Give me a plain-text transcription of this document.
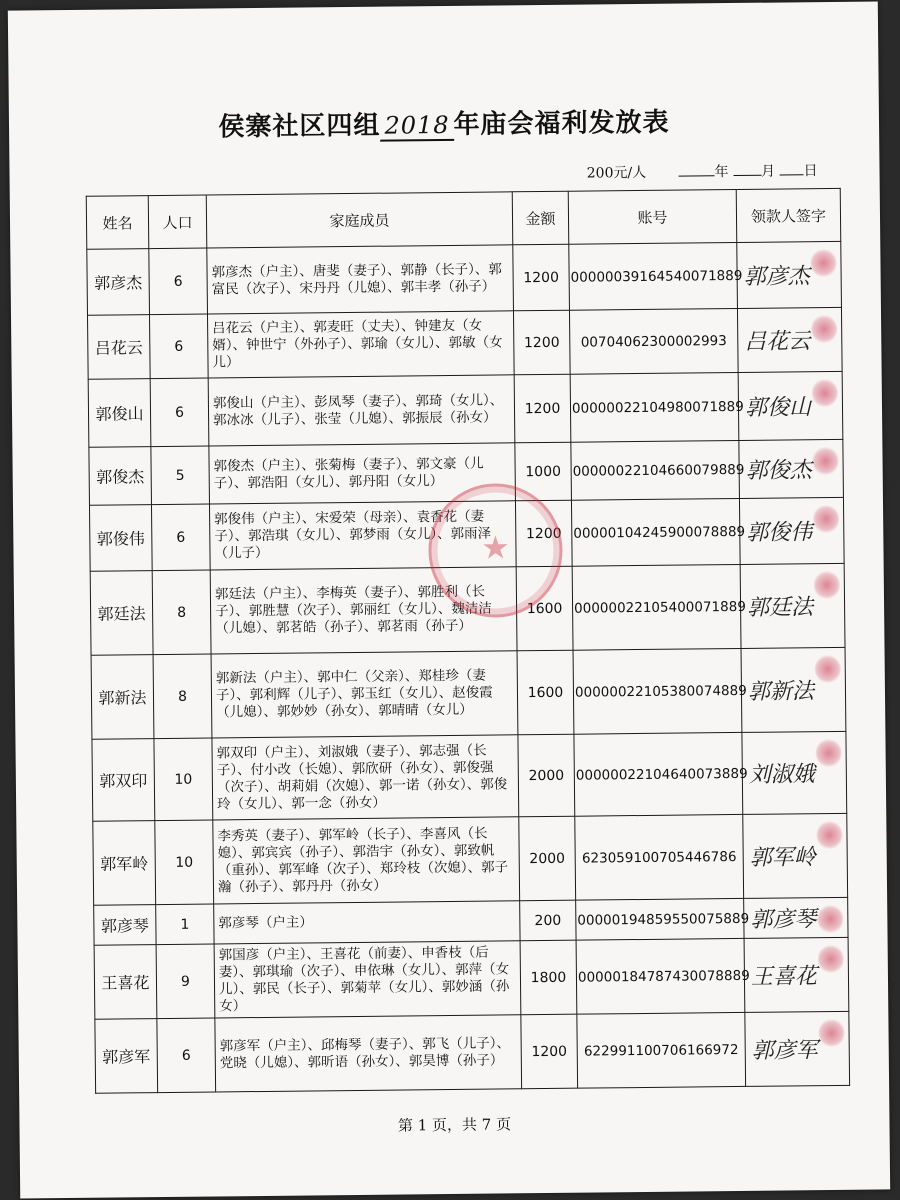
侯寨社区四组 2018 年庙会福利发放表
200元/人	年 月 日
姓名	人口	家庭成员	金额	账号	领款人签字
郭彦杰	6	郭彦杰（户主）、唐斐（妻子）、郭静（长子）、郭富民（次子）、宋丹丹（儿媳）、郭丰孝（孙子）	1200	00000039164540071889	郭彦杰

吕花云	6	吕花云（户主）、郭麦旺（丈夫）、钟建友（女婿）、钟世宁（外孙子）、郭瑜（女儿）、郭敏（女儿）	1200	00704062300002993	吕花云

郭俊山	6	郭俊山（户主）、彭凤琴（妻子）、郭琦（女儿）、郭冰冰（儿子）、张莹（儿媳）、郭振辰（孙女）	1200	00000022104980071889	郭俊山

郭俊杰	5	郭俊杰（户主）、张菊梅（妻子）、郭文豪（儿子）、郭浩阳（女儿）、郭丹阳（女儿）	1000	00000022104660079889	郭俊杰

郭俊伟	6	郭俊伟（户主）、宋爱荣（母亲）、袁香花（妻子）、郭浩琪（女儿）、郭梦雨（女儿）、郭雨泽（儿子）	1200	00000104245900078889	郭俊伟

郭廷法	8	郭廷法（户主）、李梅英（妻子）、郭胜利（长子）、郭胜慧（次子）、郭丽红（女儿）、魏洁洁（儿媳）、郭茗皓（孙子）、郭茗雨（孙子）	1600	00000022105400071889	郭廷法

郭新法	8	郭新法（户主）、郭中仁（父亲）、郑桂珍（妻子）、郭利辉（儿子）、郭玉红（女儿）、赵俊霞（儿媳）、郭妙妙（孙女）、郭晴晴（女儿）	1600	00000022105380074889	郭新法

郭双印	10	郭双印（户主）、刘淑娥（妻子）、郭志强（长子）、付小改（长媳）、郭欣研（孙女）、郭俊强（次子）、胡莉娟（次媳）、郭一诺（孙女）、郭俊玲（女儿）、郭一念（孙女）	2000	00000022104640073889	刘淑娥

郭军岭	10	李秀英（妻子）、郭军岭（长子）、李喜风（长媳）、郭宾宾（孙子）、郭浩宇（孙女）、郭致帆（重孙）、郭军峰（次子）、郑玲枝（次媳）、郭子瀚（孙子）、郭丹丹（孙女）	2000	623059100705446786	郭军岭

郭彦琴	1	郭彦琴（户主）	200	00000194859550075889	郭彦琴

王喜花	9	郭国彦（户主）、王喜花（前妻）、申香枝（后妻）、郭琪瑜（次子）、申依琳（女儿）、郭萍（女儿）、郭民（长子）、郭菊苹（女儿）、郭妙涵（孙女）	1800	00000184787430078889	王喜花

郭彦军	6	郭彦军（户主）、邱梅琴（妻子）、郭飞（儿子）、党晓（儿媳）、郭昕语（孙女）、郭昊博（孙子）	1200	622991100706166972	郭彦军
★
第 1 页，共 7 页
